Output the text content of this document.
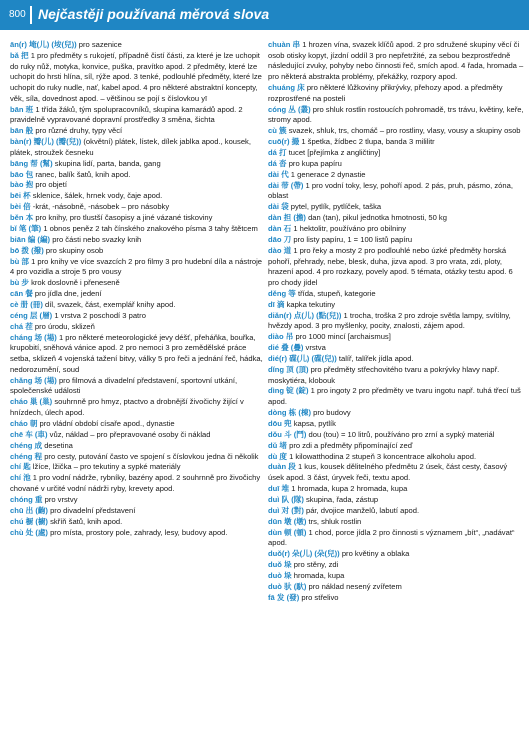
800 Nejčastěji používaná měrová slova

ān(r) 埯(儿) (垵(兒)) pro sazenice

bǎ 把 1 pro předměty s rukojetí, případně čistí části, za které je lze uchopit do ruky nůž, motyka, konvice, puška, pravítko apod. 2 předměty, které lze uchopit do hrsti hlína, síl, rýže apod. 3 tenké, podlouhlé předměty, které lze uchopit do ruky nudle, nať, kabel apod. 4 pro některé abstraktní koncepty, věk, síla, dovednost apod. – většinou se pojí s číslovkou yī

bān 班 1 třída žáků, tým spolupracovníků, skupina kamarádů apod. 2 pravidelně vypravované dopravní prostředky 3 směna, šichta

bān 般 pro různé druhy, typy věcí

bàn(r) 瓣(儿) (瓣(兒)) (okvětní) plátek, lístek, dílek jablka apod., kousek, plátek, stroužek česneku

bāng 帮 (幫) skupina lidí, parta, banda, gang

bāo 包 ranec, balík šatů, knih apod.

bào 抱 pro objetí

bēi 杯 sklenice, šálek, hrnek vody, čaje apod.

bèi 倍 -krát, -násobně, -násobek – pro násobky

běn 本 pro knihy, pro tlustší časopisy a jiné vázané tiskoviny

bǐ 笔 (筆) 1 obnos peněz 2 tah čínského znakového písma 3 tahy štětcem

biān 编 (編) pro části nebo svazky knih

bō 拨 (撥) pro skupiny osob

bù 部 1 pro knihy ve více svazcích 2 pro filmy 3 pro hudební díla a nástroje 4 pro vozidla a stroje 5 pro vousy

bù 步 krok doslovně i přeneseně

cān 餐 pro jídla dne, jedení

cè 册 (冊) díl, svazek, část, exemplář knihy apod.

céng 层 (層) 1 vrstva 2 poschodí 3 patro

chá 茬 pro úrodu, sklizeň

cháng 场 (場) 1 pro některé meteorologické jevy déšť, přeháňka, bouřka, krupobití, sněhová vánice apod. 2 pro nemoci 3 pro zemědělské práce setba, sklizeň 4 vojenská tažení bitvy, války 5 pro řeči a jednání řeč, hádka, nedorozumění, soud

chǎng 场 (場) pro filmová a divadelní představení, sportovní utkání, společenské události

cháo 巢 (巢) souhrnně pro hmyz, ptactvo a drobnější živočichy žijící v hnízdech, úlech apod.

cháo 朝 pro vládní období císaře apod., dynastie

chē 车 (車) vůz, náklad – pro přepravované osoby či náklad

chéng 成 desetina

chéng 程 pro cesty, putování často ve spojení s číslovkou jedna či několik

chí 匙 lžíce, lžička – pro tekutiny a sypké materiály

chí 池 1 pro vodní nádrže, rybníky, bazény apod. 2 souhrnně pro živočichy chované v určité vodní nádrži ryby, krevety apod.

chóng 重 pro vrstvy

chū 出 (齣) pro divadelní představení

chú 橱 (櫥) skříň šatů, knih apod.

chù 处 (處) pro místa, prostory pole, zahrady, lesy, budovy apod.

chuàn 串 1 hrozen vína, svazek klíčů apod. 2 pro sdružené skupiny věcí či osob otisky kopyt, jízdní oddíl 3 pro nepřetržité, za sebou bezprostředně následující zvuky, pohyby nebo činnosti řeč, smích apod. 4 řada, hromada – pro některá abstrakta problémy, překážky, rozpory apod.

chuáng 床 pro některé lůžkoviny přikrývky, přehozy apod. a předměty rozprostřené na posteli

cóng 丛 (叢) pro shluk rostlin rostoucích pohromadě, trs trávu, květiny, keře, stromy apod.

cù 簇 svazek, shluk, trs, chomáč – pro rostliny, vlasy, vousy a skupiny osob

cuō(r) 撮 1 špetka, žídbec 2 tlupa, banda 3 mililitr

dá 打 tucet [přejímka z angličtiny]

dá 沓 pro kupa papíru

dài 代 1 generace 2 dynastie

dài 带 (帶) 1 pro vodní toky, lesy, pohoří apod. 2 pás, pruh, pásmo, zóna, oblast

dài 袋 pytel, pytlík, pytlíček, taška

dàn 担 (擔) dan (tan), pikul jednotka hmotnosti, 50 kg

dàn 石 1 hektolitr, používáno pro obilniny

dāo 刀 pro listy papíru, 1 = 100 listů papíru

dào 道 1 pro řeky a mosty 2 pro podlouhlé nebo úzké předměty horská pohoří, přehrady, nebe, blesk, duha, jizva apod. 3 pro vrata, zdi, ploty, hrazení apod. 4 pro rozkazy, povely apod. 5 témata, otázky testu apod. 6 pro chody jídel

děng 等 třída, stupeň, kategorie

dī 滴 kapka tekutiny

diǎn(r) 点(儿) (點(兒)) 1 trocha, troška 2 pro zdroje světla lampy, svítilny, hvězdy apod. 3 pro myšlenky, pocity, znalosti, zájem apod.

diào 吊 pro 1000 mincí [archaismus]

dié 叠 (疊) vrstva

dié(r) 碟(儿) (碟(兒)) talíř, talířek jídla apod.

dǐng 顶 (頂) pro předměty střechovitého tvaru a pokrývky hlavy např. moskytiéra, klobouk

dìng 锭 (錠) 1 pro ingoty 2 pro předměty ve tvaru ingotu např. tuhá třecí tuš apod.

dòng 栋 (棟) pro budovy

dōu 兜 kapsa, pytlík

dǒu 斗 (鬥) dou (tou) = 10 litrů, používáno pro zrní a sypký materiál

dǔ 堵 pro zdi a předměty připomínající zeď

dù 度 1 kilowatthodina 2 stupeň 3 koncentrace alkoholu apod.

duàn 段 1 kus, kousek dělitelného předmětu 2 úsek, část cesty, časový úsek apod. 3 část, úryvek řeči, textu apod.

duī 堆 1 hromada, kupa 2 hromada, kupa

duì 队 (隊) skupina, řada, zástup

duì 对 (對) pár, dvojice manželů, labutí apod.

dūn 墩 (墩) trs, shluk rostlin

dùn 顿 (頓) 1 chod, porce jídla 2 pro činnosti s významem „bít“, „nadávat“ apod.

duǒ(r) 朵(儿) (朵(兒)) pro květiny a oblaka

duǒ 垛 pro stěny, zdi

duò 垛 hromada, kupa

duò 驮 (馱) pro náklad nesený zvířetem

fā 发 (發) pro střelivo
